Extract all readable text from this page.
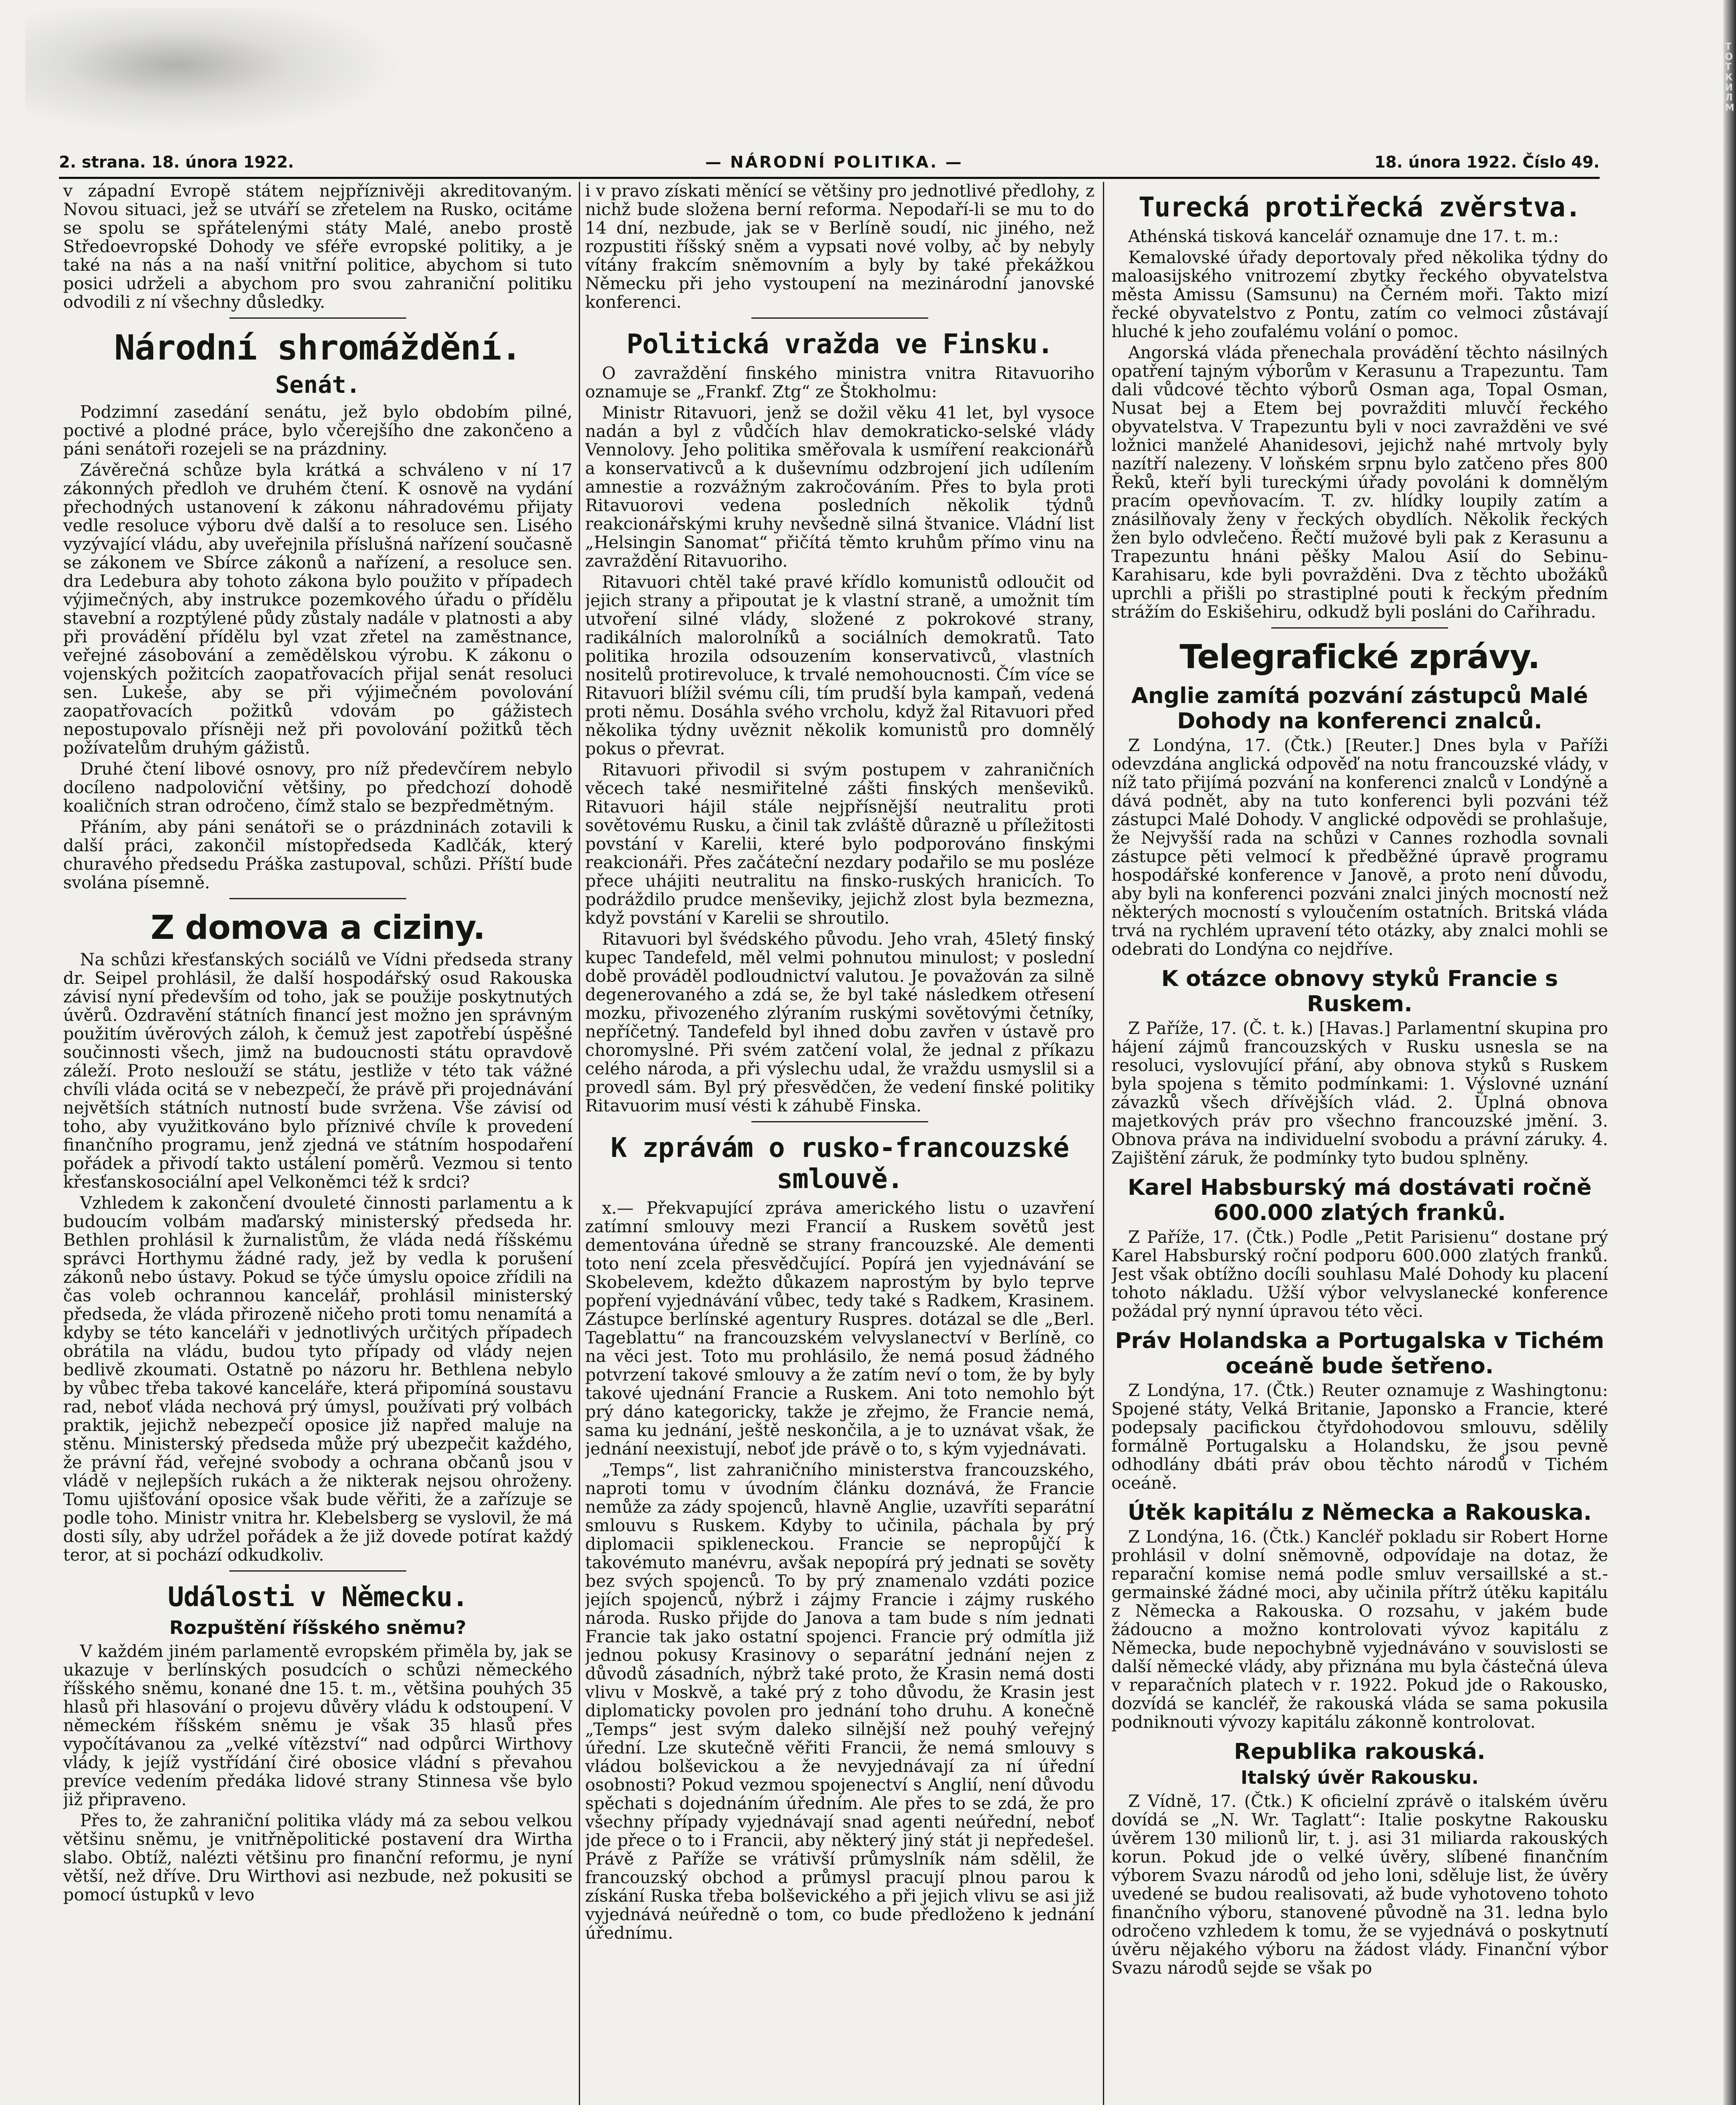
ТОТКИЛМ
2. strana. 18. února 1922.	— NÁRODNÍ POLITIKA. —	18. února 1922. Číslo 49.

v západní Evropě státem nejpříznivěji akreditovaným. Novou situaci, jež se utváří se zřetelem na Rusko, ocitáme se spolu se spřátelenými státy Malé, anebo prostě Středoevropské Dohody ve sféře evropské politiky, a je také na nás a na naší vnitřní politice, abychom si tuto posici udrželi a abychom pro svou zahraniční politiku odvodili z ní všechny důsledky.

Národní shromáždění.
Senát.

Podzimní zasedání senátu, jež bylo obdobím pilné, poctivé a plodné práce, bylo včerejšího dne zakončeno a páni senátoři rozejeli se na prázdniny.

Závěrečná schůze byla krátká a schváleno v ní 17 zákonných předloh ve druhém čtení. K osnově na vydání přechodných ustanovení k zákonu náhradovému přijaty vedle resoluce výboru dvě další a to resoluce sen. Lisého vyzývající vládu, aby uveřejnila příslušná nařízení současně se zákonem ve Sbírce zákonů a nařízení, a resoluce sen. dra Ledebura aby tohoto zákona bylo použito v případech výjimečných, aby instrukce pozemkového úřadu o přídělu stavební a rozptýlené půdy zůstaly nadále v platnosti a aby při provádění přídělu byl vzat zřetel na zaměstnance, veřejné zásobování a zemědělskou výrobu. K zákonu o vojenských požitcích zaopatřovacích přijal senát resoluci sen. Lukeše, aby se při výjimečném povolování zaopatřovacích požitků vdovám po gážistech nepostupovalo přísněji než při povolování požitků těch požívatelům druhým gážistů.

Druhé čtení libové osnovy, pro níž předevčírem nebylo docíleno nadpoloviční většiny, po předchozí dohodě koaličních stran odročeno, čímž stalo se bezpředmětným.

Přáním, aby páni senátoři se o prázdninách zotavili k další práci, zakončil místopředseda Kadlčák, který churavého předsedu Práška zastupoval, schůzi. Příští bude svolána písemně.

Z domova a ciziny.

Na schůzi křesťanských sociálů ve Vídni předseda strany dr. Seipel prohlásil, že další hospodářský osud Rakouska závisí nyní především od toho, jak se použije poskytnutých úvěrů. Ozdravění státních financí jest možno jen správným použitím úvěrových záloh, k čemuž jest zapotřebí úspěšné součinnosti všech, jimž na budoucnosti státu opravdově záleží. Proto neslouží se státu, jestliže v této tak vážné chvíli vláda ocitá se v nebezpečí, že právě při projednávání největších státních nutností bude svržena. Vše závisí od toho, aby využitkováno bylo příznivé chvíle k provedení finančního programu, jenž zjedná ve státním hospodaření pořádek a přivodí takto ustálení poměrů. Vezmou si tento křesťanskosociální apel Velkoněmci též k srdci?

Vzhledem k zakončení dvouleté činnosti parlamentu a k budoucím volbám maďarský ministerský předseda hr. Bethlen prohlásil k žurnalistům, že vláda nedá říšskému správci Horthymu žádné rady, jež by vedla k porušení zákonů nebo ústavy. Pokud se týče úmyslu opoice zřídili na čas voleb ochrannou kancelář, prohlásil ministerský předseda, že vláda přirozeně ničeho proti tomu nenamítá a kdyby se této kanceláři v jednotlivých určitých případech obrátila na vládu, budou tyto případy od vlády nejen bedlivě zkoumati. Ostatně po názoru hr. Bethlena nebylo by vůbec třeba takové kanceláře, která připomíná soustavu rad, neboť vláda nechová prý úmysl, používati prý volbách praktik, jejichž nebezpečí oposice již napřed maluje na stěnu. Ministerský předseda může prý ubezpečit každého, že právní řád, veřejné svobody a ochrana občanů jsou v vládě v nejlepších rukách a že nikterak nejsou ohroženy. Tomu ujišťování oposice však bude věřiti, že a zařízuje se podle toho. Ministr vnitra hr. Klebelsberg se vyslovil, že má dosti síly, aby udržel pořádek a že již dovede potírat každý teror, at si pochází odkudkoliv.

Události v Německu.
Rozpuštění říšského sněmu?

V každém jiném parlamentě evropském přiměla by, jak se ukazuje v berlínských posudcích o schůzi německého říšského sněmu, konané dne 15. t. m., většina pouhých 35 hlasů při hlasování o projevu důvěry vládu k odstoupení. V německém říšském sněmu je však 35 hlasů přes vypočítávanou za „velké vítězství“ nad odpůrci Wirthovy vlády, k jejíž vystřídání čiré obosice vládní s převahou prevíce vedením předáka lidové strany Stinnesa vše bylo již připraveno.

Přes to, že zahraniční politika vlády má za sebou velkou většinu sněmu, je vnitřněpolitické postavení dra Wirtha slabo. Obtíž, nalézti většinu pro finanční reformu, je nyní větší, než dříve. Dru Wirthovi asi nezbude, než pokusiti se pomocí ústupků v levo

i v pravo získati měnící se většiny pro jednotlivé předlohy, z nichž bude složena berní reforma. Nepodaří-li se mu to do 14 dní, nezbude, jak se v Berlíně soudí, nic jiného, než rozpustiti říšský sněm a vypsati nové volby, ač by nebyly vítány frakcím sněmovním a byly by také překážkou Německu při jeho vystoupení na mezinárodní janovské konferenci.

Politická vražda ve Finsku.

O zavraždění finského ministra vnitra Ritavuoriho oznamuje se „Frankf. Ztg“ ze Štokholmu:

Ministr Ritavuori, jenž se dožil věku 41 let, byl vysoce nadán a byl z vůdčích hlav demokraticko-selské vlády Vennolovy. Jeho politika směřovala k usmíření reakcionářů a konservativců a k duševnímu odzbrojení jich udílením amnestie a rozvážným zakročováním. Přes to byla proti Ritavuorovi vedena posledních několik týdnů reakcionářskými kruhy nevšedně silná štvanice. Vládní list „Helsingin Sanomat“ přičítá těmto kruhům přímo vinu na zavraždění Ritavuoriho.

Ritavuori chtěl také pravé křídlo komunistů odloučit od jejich strany a připoutat je k vlastní straně, a umožnit tím utvoření silné vlády, složené z pokrokové strany, radikálních malorolníků a sociálních demokratů. Tato politika hrozila odsouzením konservativců, vlastních nositelů protirevoluce, k trvalé nemohoucnosti. Čím více se Ritavuori blížil svému cíli, tím prudší byla kampaň, vedená proti němu. Dosáhla svého vrcholu, když žal Ritavuori před několika týdny uvěznit několik komunistů pro domnělý pokus o převrat.

Ritavuori přivodil si svým postupem v zahraničních věcech také nesmiřitelné zášti finských menševiků. Ritavuori hájil stále nejpřísnější neutralitu proti sovětovému Rusku, a činil tak zvláště důrazně u příležitosti povstání v Karelii, které bylo podporováno finskými reakcionáři. Přes začáteční nezdary podařilo se mu posléze přece uhájiti neutralitu na finsko-ruských hranicích. To podráždilo prudce menševiky, jejichž zlost byla bezmezna, když povstání v Karelii se shroutilo.

Ritavuori byl švédského původu. Jeho vrah, 45letý finský kupec Tandefeld, měl velmi pohnutou minulost; v poslední době prováděl podloudnictví valutou. Je považován za silně degenerovaného a zdá se, že byl také následkem otřesení mozku, přivozeného zlýraním ruskými sovětovými četníky, nepříčetný. Tandefeld byl ihned dobu zavřen v ústavě pro choromyslné. Při svém zatčení volal, že jednal z příkazu celého národa, a při výslechu udal, že vraždu usmyslil si a provedl sám. Byl prý přesvědčen, že vedení finské politiky Ritavuorim musí vésti k záhubě Finska.

K zprávám o rusko-francouzské smlouvě.

x.— Překvapující zpráva amerického listu o uzavření zatímní smlouvy mezi Francií a Ruskem sovětů jest dementována úředně se strany francouzské. Ale dementi toto není zcela přesvědčující. Popírá jen vyjednávání se Skobelevem, kdežto důkazem naprostým by bylo teprve popření vyjednávání vůbec, tedy také s Radkem, Krasinem. Zástupce berlínské agentury Ruspres. dotázal se dle „Berl. Tageblattu“ na francouzském velvyslanectví v Berlíně, co na věci jest. Toto mu prohlásilo, že nemá posud žádného potvrzení takové smlouvy a že zatím neví o tom, že by byly takové ujednání Francie a Ruskem. Ani toto nemohlo být prý dáno kategoricky, takže je zřejmo, že Francie nemá, sama ku jednání, ještě neskončila, a je to uznávat však, že jednání neexistují, neboť jde právě o to, s kým vyjednávati.

„Temps“, list zahraničního ministerstva francouzského, naproti tomu v úvodním článku doznává, že Francie nemůže za zády spojenců, hlavně Anglie, uzavříti separátní smlouvu s Ruskem. Kdyby to učinila, páchala by prý diplomacii spikleneckou. Francie se nepropůjčí k takovémuto manévru, avšak nepopírá prý jednati se sověty bez svých spojenců. To by prý znamenalo vzdáti pozice jejích spojenců, nýbrž i zájmy Francie i zájmy ruského národa. Rusko přijde do Janova a tam bude s ním jednati Francie tak jako ostatní spojenci. Francie prý odmítla již jednou pokusy Krasinovy o separátní jednání nejen z důvodů zásadních, nýbrž také proto, že Krasin nemá dosti vlivu v Moskvě, a také prý z toho důvodu, že Krasin jest diplomaticky povolen pro jednání toho druhu. A konečně „Temps“ jest svým daleko silnější než pouhý veřejný úřední. Lze skutečně věřiti Francii, že nemá smlouvy s vládou bolševickou a že nevyjednávají za ní úřední osobnosti? Pokud vezmou spojenectví s Anglií, není důvodu spěchati s dojednáním úředním. Ale přes to se zdá, že pro všechny případy vyjednávají snad agenti neúřední, neboť jde přece o to i Francii, aby některý jiný stát ji nepředešel. Právě z Paříže se vrátivší průmyslník nám sdělil, že francouzský obchod a průmysl pracují plnou parou k získání Ruska třeba bolševického a při jejich vlivu se asi již vyjednává neúředně o tom, co bude předloženo k jednání úřednímu.

Turecká protiřecká zvěrstva.

Athénská tisková kancelář oznamuje dne 17. t. m.:

Kemalovské úřady deportovaly před několika týdny do maloasijského vnitrozemí zbytky řeckého obyvatelstva města Amissu (Samsunu) na Černém moři. Takto mizí řecké obyvatelstvo z Pontu, zatím co velmoci zůstávají hluché k jeho zoufalému volání o pomoc.

Angorská vláda přenechala provádění těchto násilných opatření tajným výborům v Kerasunu a Trapezuntu. Tam dali vůdcové těchto výborů Osman aga, Topal Osman, Nusat bej a Etem bej povražditi mluvčí řeckého obyvatelstva. V Trapezuntu byli v noci zavražděni ve své ložnici manželé Ahanidesovi, jejichž nahé mrtvoly byly nazítří nalezeny. V loňském srpnu bylo zatčeno přes 800 Řeků, kteří byli tureckými úřady povoláni k domnělým pracím opevňovacím. T. zv. hlídky loupily zatím a znásilňovaly ženy v řeckých obydlích. Několik řeckých žen bylo odvlečeno. Řečtí mužové byli pak z Kerasunu a Trapezuntu hnáni pěšky Malou Asií do Sebinu-Karahisaru, kde byli povražděni. Dva z těchto ubožáků uprchli a přišli po strastiplné pouti k řeckým předním strážím do Eskišehiru, odkudž byli posláni do Cařihradu.

Telegrafické zprávy.
Anglie zamítá pozvání zástupců Malé Dohody na konferenci znalců.

Z Londýna, 17. (Čtk.) [Reuter.] Dnes byla v Paříži odevzdána anglická odpověď na notu francouzské vlády, v níž tato přijímá pozvání na konferenci znalců v Londýně a dává podnět, aby na tuto konferenci byli pozváni též zástupci Malé Dohody. V anglické odpovědi se prohlašuje, že Nejvyšší rada na schůzi v Cannes rozhodla sovnali zástupce pěti velmocí k předběžné úpravě programu hospodářské konference v Janově, a proto není důvodu, aby byli na konferenci pozváni znalci jiných mocností než některých mocností s vyloučením ostatních. Britská vláda trvá na rychlém upravení této otázky, aby znalci mohli se odebrati do Londýna co nejdříve.

K otázce obnovy styků Francie s Ruskem.

Z Paříže, 17. (Č. t. k.) [Havas.] Parlamentní skupina pro hájení zájmů francouzských v Rusku usnesla se na resoluci, vyslovující přání, aby obnova styků s Ruskem byla spojena s těmito podmínkami: 1. Výslovné uznání závazků všech dřívějších vlád. 2. Úplná obnova majetkových práv pro všechno francouzské jmění. 3. Obnova práva na individuelní svobodu a právní záruky. 4. Zajištění záruk, že podmínky tyto budou splněny.

Karel Habsburský má dostávati ročně 600.000 zlatých franků.

Z Paříže, 17. (Čtk.) Podle „Petit Parisienu“ dostane prý Karel Habsburský roční podporu 600.000 zlatých franků. Jest však obtížno docíli souhlasu Malé Dohody ku placení tohoto nákladu. Užší výbor velvyslanecké konference požádal prý nynní úpravou této věci.

Práv Holandska a Portugalska v Tichém oceáně bude šetřeno.

Z Londýna, 17. (Čtk.) Reuter oznamuje z Washingtonu: Spojené státy, Velká Britanie, Japonsko a Francie, které podepsaly pacifickou čtyřdohodovou smlouvu, sdělily formálně Portugalsku a Holandsku, že jsou pevně odhodlány dbáti práv obou těchto národů v Tichém oceáně.

Útěk kapitálu z Německa a Rakouska.

Z Londýna, 16. (Čtk.) Kancléř pokladu sir Robert Horne prohlásil v dolní sněmovně, odpovídaje na dotaz, že reparační komise nemá podle smluv versaillské a st.-germainské žádné moci, aby učinila přítrž útěku kapitálu z Německa a Rakouska. O rozsahu, v jakém bude žádoucno a možno kontrolovati vývoz kapitálu z Německa, bude nepochybně vyjednáváno v souvislosti se další německé vlády, aby přiznána mu byla částečná úleva v reparačních platech v r. 1922. Pokud jde o Rakousko, dozvídá se kancléř, že rakouská vláda se sama pokusila podniknouti vývozy kapitálu zákonně kontrolovat.

Republika rakouská.
Italský úvěr Rakousku.

Z Vídně, 17. (Čtk.) K oficielní zprávě o italském úvěru dovídá se „N. Wr. Taglatt“: Italie poskytne Rakousku úvěrem 130 milionů lir, t. j. asi 31 miliarda rakouských korun. Pokud jde o velké úvěry, slíbené finančním výborem Svazu národů od jeho loni, sděluje list, že úvěry uvedené se budou realisovati, až bude vyhotoveno tohoto finančního výboru, stanovené původně na 31. ledna bylo odročeno vzhledem k tomu, že se vyjednává o poskytnutí úvěru nějakého výboru na žádost vlády. Finanční výbor Svazu národů sejde se však po
